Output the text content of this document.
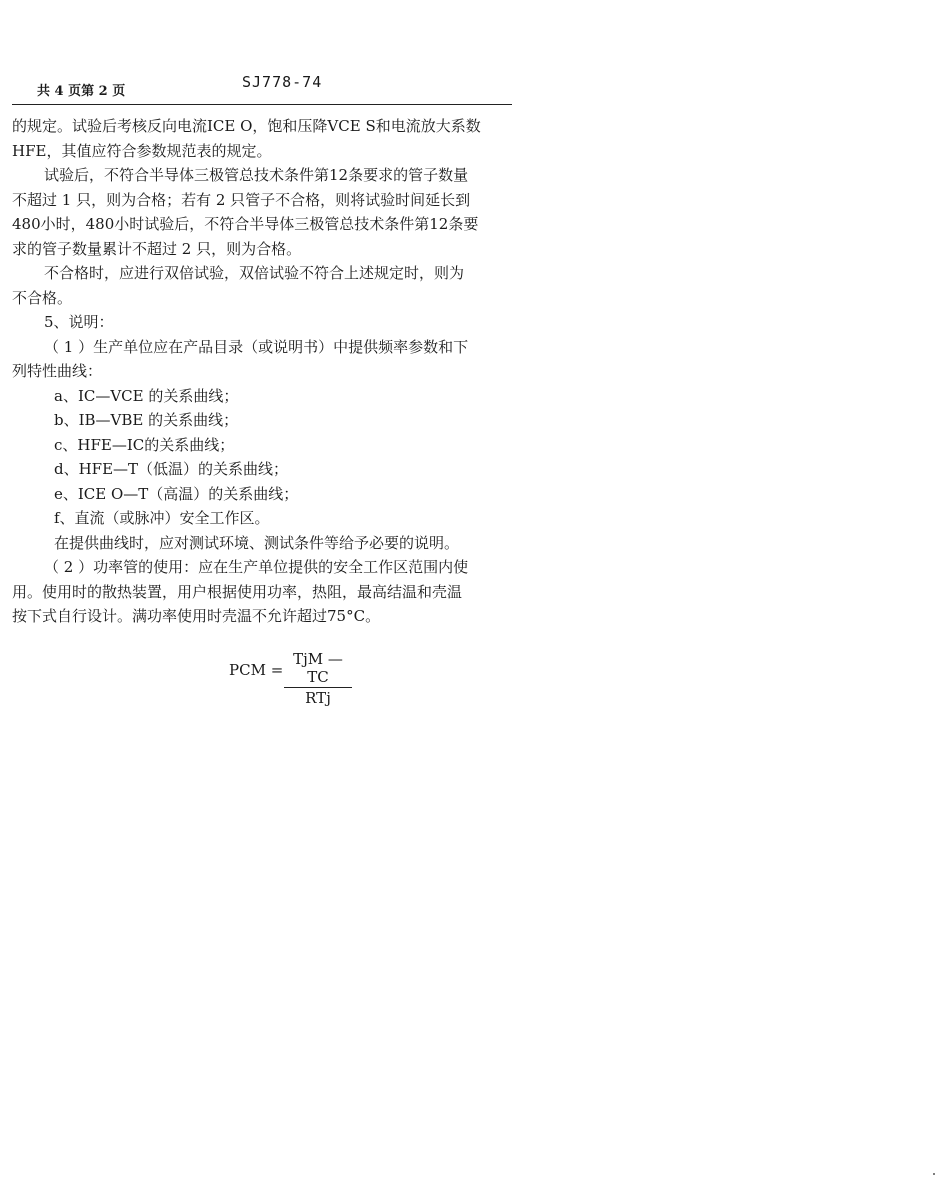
共 4 页第 2 页
SJ778-74
的规定。试验后考核反向电流ICE O，饱和压降VCE S和电流放大系数
HFE，其值应符合参数规范表的规定。
试验后，不符合半导体三极管总技术条件第12条要求的管子数量
不超过 1 只，则为合格；若有 2 只管子不合格，则将试验时间延长到
480小时，480小时试验后，不符合半导体三极管总技术条件第12条要
求的管子数量累计不超过 2 只，则为合格。
不合格时，应进行双倍试验，双倍试验不符合上述规定时，则为
不合格。
5、说明：
（ 1 ）生产单位应在产品目录（或说明书）中提供频率参数和下
列特性曲线：
a、IC—VCE 的关系曲线；
b、IB—VBE 的关系曲线；
c、HFE—IC的关系曲线；
d、HFE—T（低温）的关系曲线；
e、ICE O—T（高温）的关系曲线；
f、直流（或脉冲）安全工作区。
在提供曲线时，应对测试环境、测试条件等给予必要的说明。
（ 2 ）功率管的使用：应在生产单位提供的安全工作区范围内使
用。使用时的散热装置，用户根据使用功率，热阻，最高结温和壳温
按下式自行设计。满功率使用时壳温不允许超过75°C。
PCM =
TjM —TC
RTj
